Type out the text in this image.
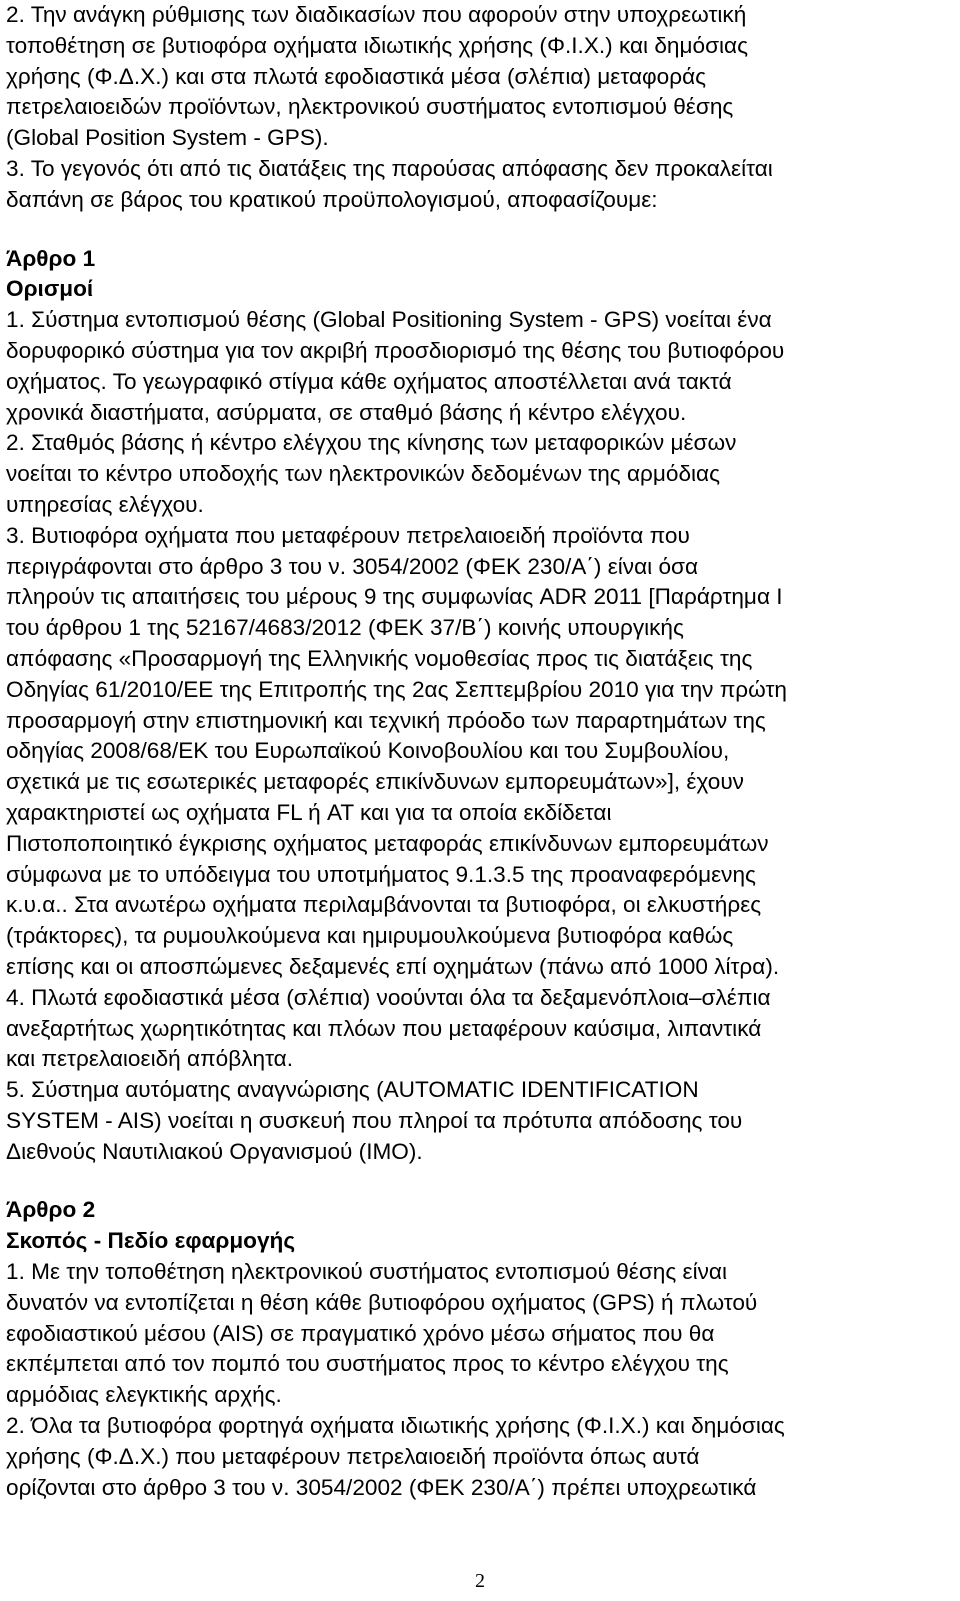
2. Την ανάγκη ρύθμισης των διαδικασίων που αφορούν στην υποχρεωτική

τοποθέτηση σε βυτιοφόρα οχήματα ιδιωτικής χρήσης (Φ.Ι.Χ.) και δημόσιας

χρήσης (Φ.Δ.Χ.) και στα πλωτά εφοδιαστικά μέσα (σλέπια) μεταφοράς

πετρελαιοειδών προϊόντων, ηλεκτρονικού συστήματος εντοπισμού θέσης

(Global Position System - GPS).

3. Το γεγονός ότι από τις διατάξεις της παρούσας απόφασης δεν προκαλείται

δαπάνη σε βάρος του κρατικού προϋπολογισμού, αποφασίζουμε:

Άρθρο 1

Ορισμοί

1. Σύστημα εντοπισμού θέσης (Global Positioning System - GPS) νοείται ένα

δορυφορικό σύστημα για τον ακριβή προσδιορισμό της θέσης του βυτιοφόρου

οχήματος. Το γεωγραφικό στίγμα κάθε οχήματος αποστέλλεται ανά τακτά

χρονικά διαστήματα, ασύρματα, σε σταθμό βάσης ή κέντρο ελέγχου.

2. Σταθμός βάσης ή κέντρο ελέγχου της κίνησης των μεταφορικών μέσων

νοείται το κέντρο υποδοχής των ηλεκτρονικών δεδομένων της αρμόδιας

υπηρεσίας ελέγχου.

3. Βυτιοφόρα οχήματα που μεταφέρουν πετρελαιοειδή προϊόντα που

περιγράφονται στο άρθρο 3 του ν. 3054/2002 (ΦΕΚ 230/Α΄) είναι όσα

πληρούν τις απαιτήσεις του μέρους 9 της συμφωνίας ADR 2011 [Παράρτημα Ι

του άρθρου 1 της 52167/4683/2012 (ΦΕΚ 37/Β΄) κοινής υπουργικής

απόφασης «Προσαρμογή της Ελληνικής νομοθεσίας προς τις διατάξεις της

Οδηγίας 61/2010/ΕΕ της Επιτροπής της 2ας Σεπτεμβρίου 2010 για την πρώτη

προσαρμογή στην επιστημονική και τεχνική πρόοδο των παραρτημάτων της

οδηγίας 2008/68/ΕΚ του Ευρωπαϊκού Κοινοβουλίου και του Συμβουλίου,

σχετικά με τις εσωτερικές μεταφορές επικίνδυνων εμπορευμάτων»], έχουν

χαρακτηριστεί ως οχήματα FL ή AT και για τα οποία εκδίδεται

Πιστοποποιητικό έγκρισης οχήματος μεταφοράς επικίνδυνων εμπορευμάτων

σύμφωνα με το υπόδειγμα του υποτμήματος 9.1.3.5 της προαναφερόμενης

κ.υ.α.. Στα ανωτέρω οχήματα περιλαμβάνονται τα βυτιοφόρα, οι ελκυστήρες

(τράκτορες), τα ρυμουλκούμενα και ημιρυμουλκούμενα βυτιοφόρα καθώς

επίσης και οι αποσπώμενες δεξαμενές επί οχημάτων (πάνω από 1000 λίτρα).

4. Πλωτά εφοδιαστικά μέσα (σλέπια) νοούνται όλα τα δεξαμενόπλοια–σλέπια

ανεξαρτήτως χωρητικότητας και πλόων που μεταφέρουν καύσιμα, λιπαντικά

και πετρελαιοειδή απόβλητα.

5. Σύστημα αυτόματης αναγνώρισης (AUTOMATIC IDENTIFICATION

SYSTEM - AIS) νοείται η συσκευή που πληροί τα πρότυπα απόδοσης του

Διεθνούς Ναυτιλιακού Οργανισμού (IMO).

Άρθρο 2

Σκοπός - Πεδίο εφαρμογής

1. Με την τοποθέτηση ηλεκτρονικού συστήματος εντοπισμού θέσης είναι

δυνατόν να εντοπίζεται η θέση κάθε βυτιοφόρου οχήματος (GPS) ή πλωτού

εφοδιαστικού μέσου (AIS) σε πραγματικό χρόνο μέσω σήματος που θα

εκπέμπεται από τον πομπό του συστήματος προς το κέντρο ελέγχου της

αρμόδιας ελεγκτικής αρχής.

2. Όλα τα βυτιοφόρα φορτηγά οχήματα ιδιωτικής χρήσης (Φ.Ι.Χ.) και δημόσιας

χρήσης (Φ.Δ.Χ.) που μεταφέρουν πετρελαιοειδή προϊόντα όπως αυτά

ορίζονται στο άρθρο 3 του ν. 3054/2002 (ΦΕΚ 230/Α΄) πρέπει υποχρεωτικά

2
